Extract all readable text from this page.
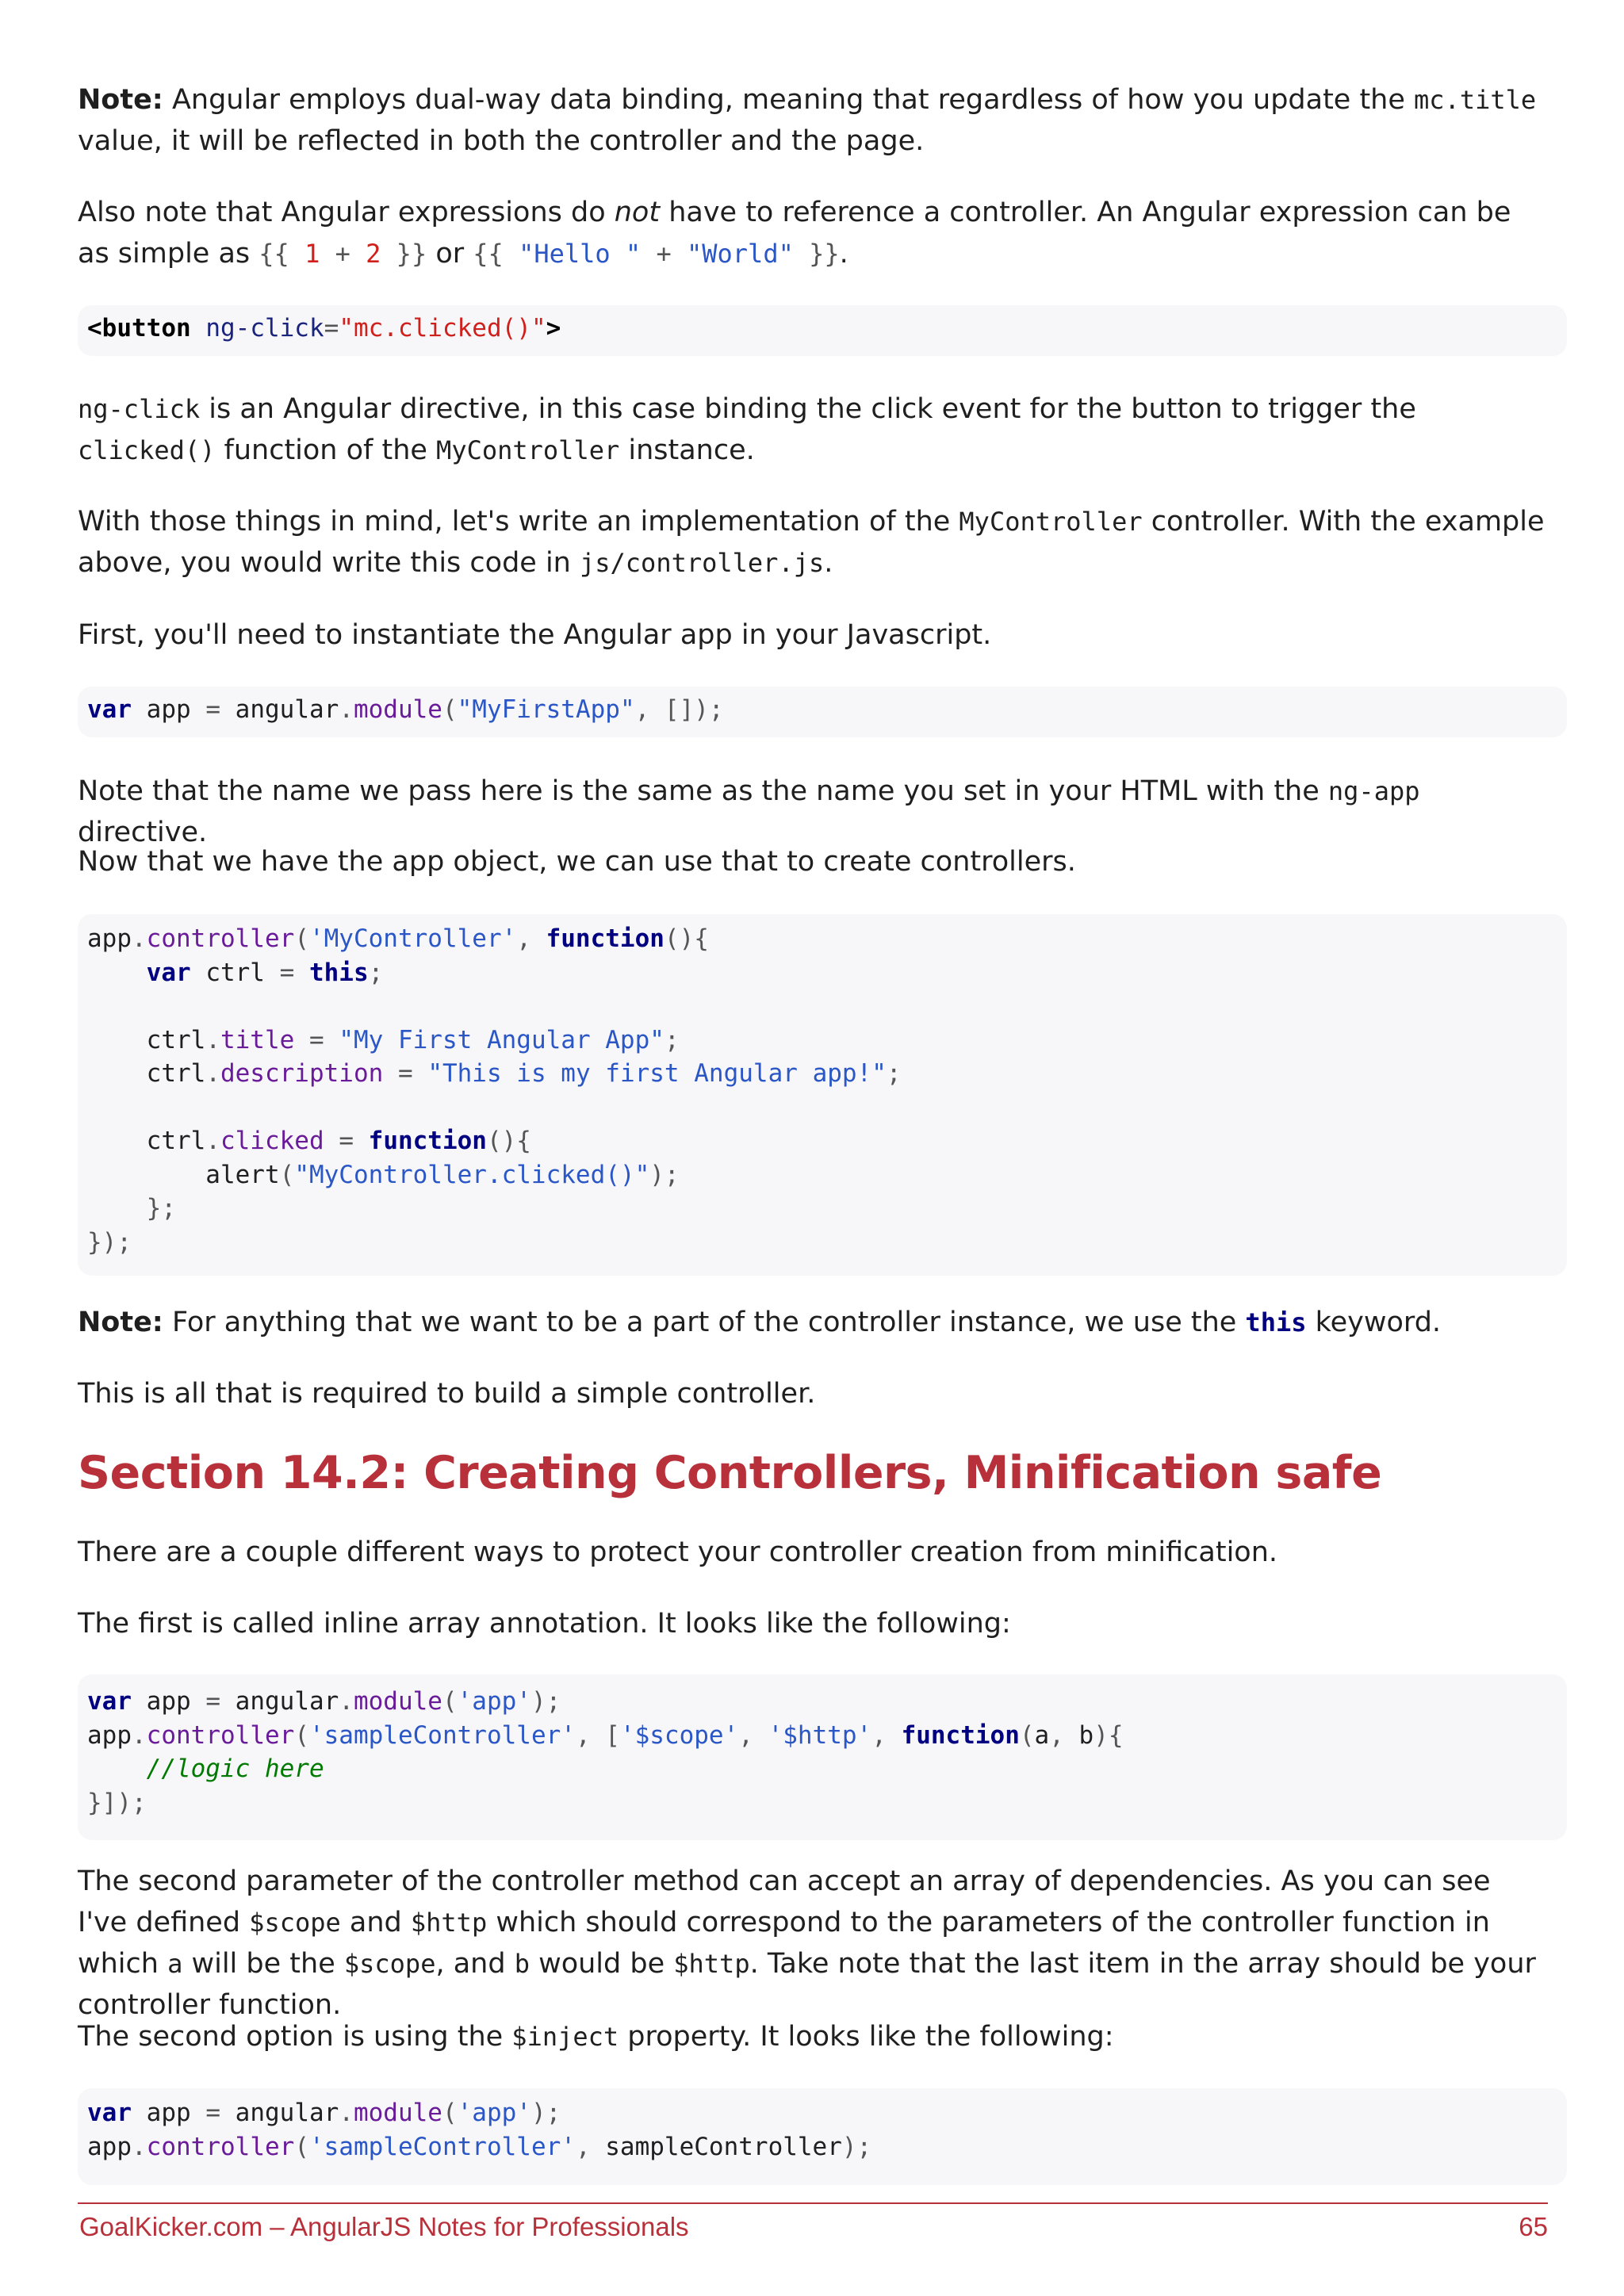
Note: Angular employs dual-way data binding, meaning that regardless of how you update the mc.title value, it will be reflected in both the controller and the page.

Also note that Angular expressions do not have to reference a controller. An Angular expression can be as simple as {{ 1 + 2 }} or {{ "Hello " + "World" }}.

<button ng-click="mc.clicked()">

ng-click is an Angular directive, in this case binding the click event for the button to trigger the clicked() function of the MyController instance.

With those things in mind, let's write an implementation of the MyController controller. With the example above, you would write this code in js/controller.js.

First, you'll need to instantiate the Angular app in your Javascript.

var app = angular.module("MyFirstApp", []);

Note that the name we pass here is the same as the name you set in your HTML with the ng-app directive.

Now that we have the app object, we can use that to create controllers.

app.controller('MyController', function(){
var ctrl = this;

ctrl.title = "My First Angular App";
ctrl.description = "This is my first Angular app!";

ctrl.clicked = function(){
alert("MyController.clicked()");
};
});

Note: For anything that we want to be a part of the controller instance, we use the this keyword.

This is all that is required to build a simple controller.

Section 14.2: Creating Controllers, Minification safe

There are a couple different ways to protect your controller creation from minification.

The first is called inline array annotation. It looks like the following:

var app = angular.module('app');
app.controller('sampleController', ['$scope', '$http', function(a, b){
//logic here
}]);

The second parameter of the controller method can accept an array of dependencies. As you can see I've defined $scope and $http which should correspond to the parameters of the controller function in which a will be the $scope, and b would be $http. Take note that the last item in the array should be your controller function.

The second option is using the $inject property. It looks like the following:

var app = angular.module('app');
app.controller('sampleController', sampleController);
GoalKicker.com – AngularJS Notes for Professionals	65
